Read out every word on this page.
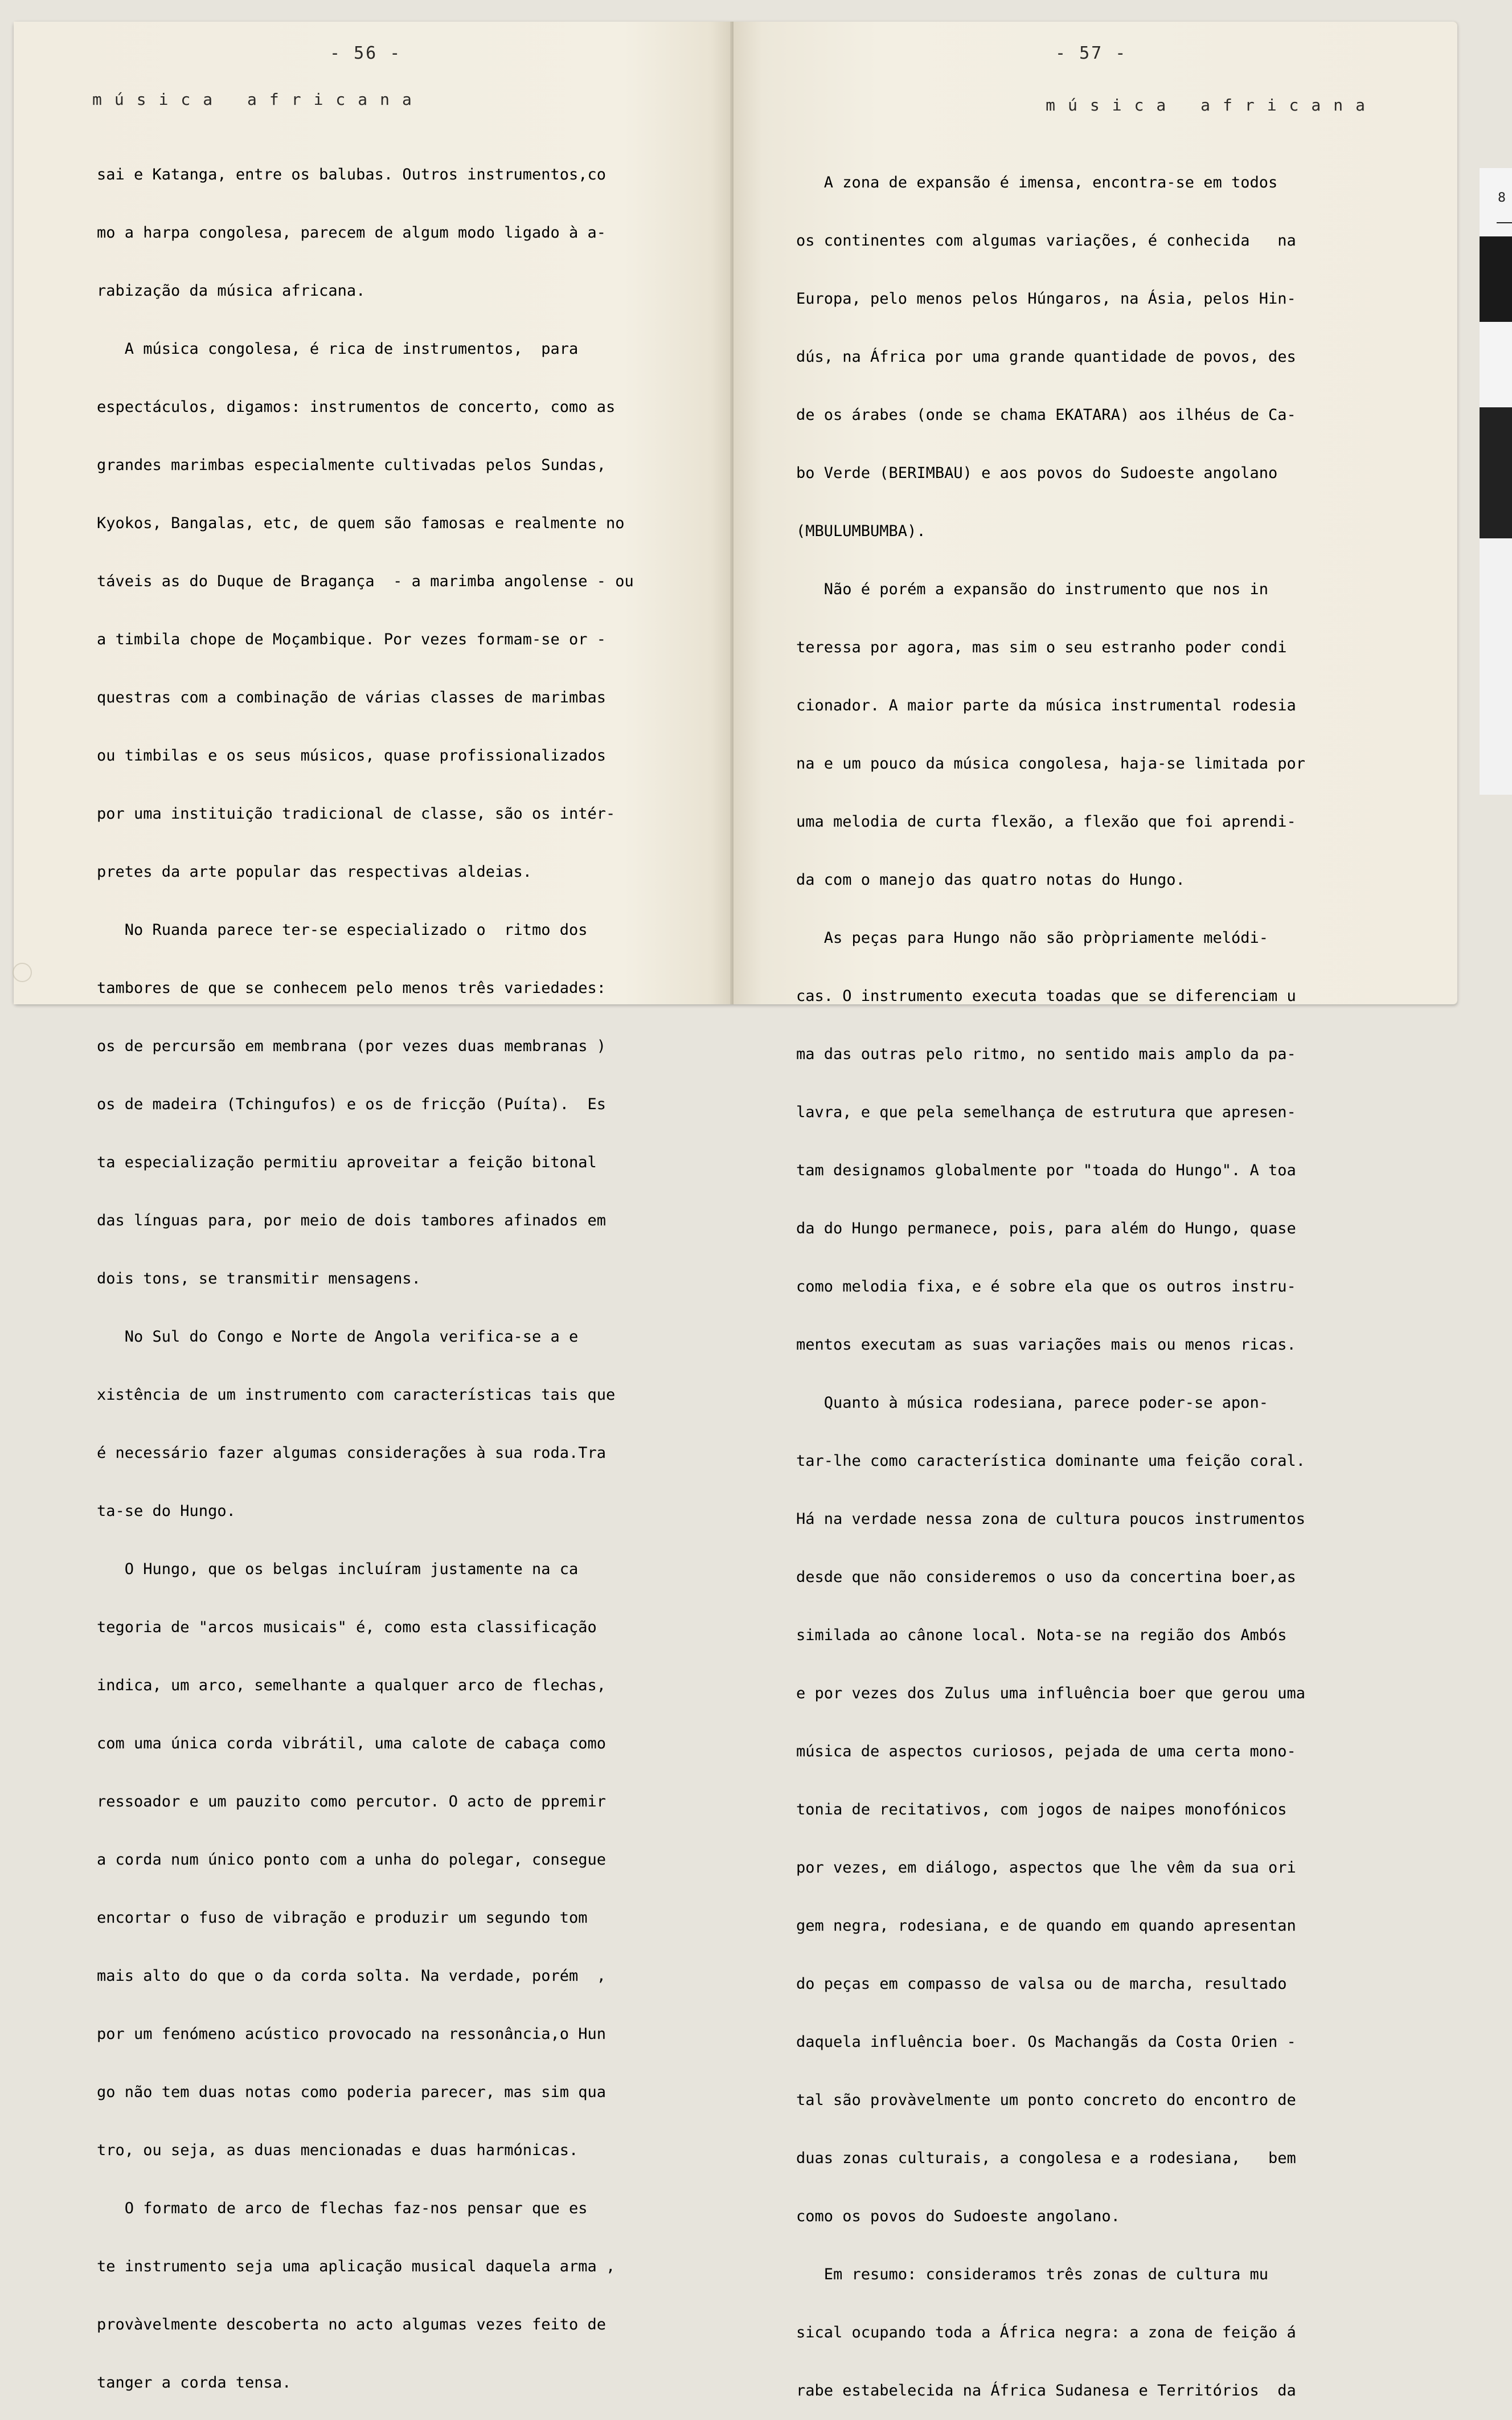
- 56 -
música africana
- 57 -
música africana

sai e Katanga, entre os balubas. Outros instrumentos,co

mo a harpa congolesa, parecem de algum modo ligado à a-

rabização da música africana.

A música congolesa, é rica de instrumentos,  para

espectáculos, digamos: instrumentos de concerto, como as

grandes marimbas especialmente cultivadas pelos Sundas,

Kyokos, Bangalas, etc, de quem são famosas e realmente no

táveis as do Duque de Bragança  - a marimba angolense - ou

a timbila chope de Moçambique. Por vezes formam-se or -

questras com a combinação de várias classes de marimbas

ou timbilas e os seus músicos, quase profissionalizados

por uma instituição tradicional de classe, são os intér-

pretes da arte popular das respectivas aldeias.

No Ruanda parece ter-se especializado o  ritmo dos

tambores de que se conhecem pelo menos três variedades:

os de percursão em membrana (por vezes duas membranas )

os de madeira (Tchingufos) e os de fricção (Puíta).  Es

ta especialização permitiu aproveitar a feição bitonal

das línguas para, por meio de dois tambores afinados em

dois tons, se transmitir mensagens.

No Sul do Congo e Norte de Angola verifica-se a e

xistência de um instrumento com características tais que

é necessário fazer algumas considerações à sua roda.Tra

ta-se do Hungo.

O Hungo, que os belgas incluíram justamente na ca

tegoria de "arcos musicais" é, como esta classificação

indica, um arco, semelhante a qualquer arco de flechas,

com uma única corda vibrátil, uma calote de cabaça como

ressoador e um pauzito como percutor. O acto de ppremir

a corda num único ponto com a unha do polegar, consegue

encortar o fuso de vibração e produzir um segundo tom

mais alto do que o da corda solta. Na verdade, porém  ,

por um fenómeno acústico provocado na ressonância,o Hun

go não tem duas notas como poderia parecer, mas sim qua

tro, ou seja, as duas mencionadas e duas harmónicas.

O formato de arco de flechas faz-nos pensar que es

te instrumento seja uma aplicação musical daquela arma ,

provàvelmente descoberta no acto algumas vezes feito de

tanger a corda tensa.

A zona de expansão é imensa, encontra-se em todos

os continentes com algumas variações, é conhecida   na

Europa, pelo menos pelos Húngaros, na Ásia, pelos Hin-

dús, na África por uma grande quantidade de povos, des

de os árabes (onde se chama EKATARA) aos ilhéus de Ca-

bo Verde (BERIMBAU) e aos povos do Sudoeste angolano

(MBULUMBUMBA).

Não é porém a expansão do instrumento que nos in

teressa por agora, mas sim o seu estranho poder condi

cionador. A maior parte da música instrumental rodesia

na e um pouco da música congolesa, haja-se limitada por

uma melodia de curta flexão, a flexão que foi aprendi-

da com o manejo das quatro notas do Hungo.

As peças para Hungo não são pròpriamente melódi-

cas. O instrumento executa toadas que se diferenciam u

ma das outras pelo ritmo, no sentido mais amplo da pa-

lavra, e que pela semelhança de estrutura que apresen-

tam designamos globalmente por "toada do Hungo". A toa

da do Hungo permanece, pois, para além do Hungo, quase

como melodia fixa, e é sobre ela que os outros instru-

mentos executam as suas variações mais ou menos ricas.

Quanto à música rodesiana, parece poder-se apon-

tar-lhe como característica dominante uma feição coral.

Há na verdade nessa zona de cultura poucos instrumentos

desde que não consideremos o uso da concertina boer,as

similada ao cânone local. Nota-se na região dos Ambós

e por vezes dos Zulus uma influência boer que gerou uma

música de aspectos curiosos, pejada de uma certa mono-

tonia de recitativos, com jogos de naipes monofónicos

por vezes, em diálogo, aspectos que lhe vêm da sua ori

gem negra, rodesiana, e de quando em quando apresentan

do peças em compasso de valsa ou de marcha, resultado

daquela influência boer. Os Machangãs da Costa Orien -

tal são provàvelmente um ponto concreto do encontro de

duas zonas culturais, a congolesa e a rodesiana,   bem

como os povos do Sudoeste angolano.

Em resumo: consideramos três zonas de cultura mu

sical ocupando toda a África negra: a zona de feição á

rabe estabelecida na África Sudanesa e Territórios  da

8
